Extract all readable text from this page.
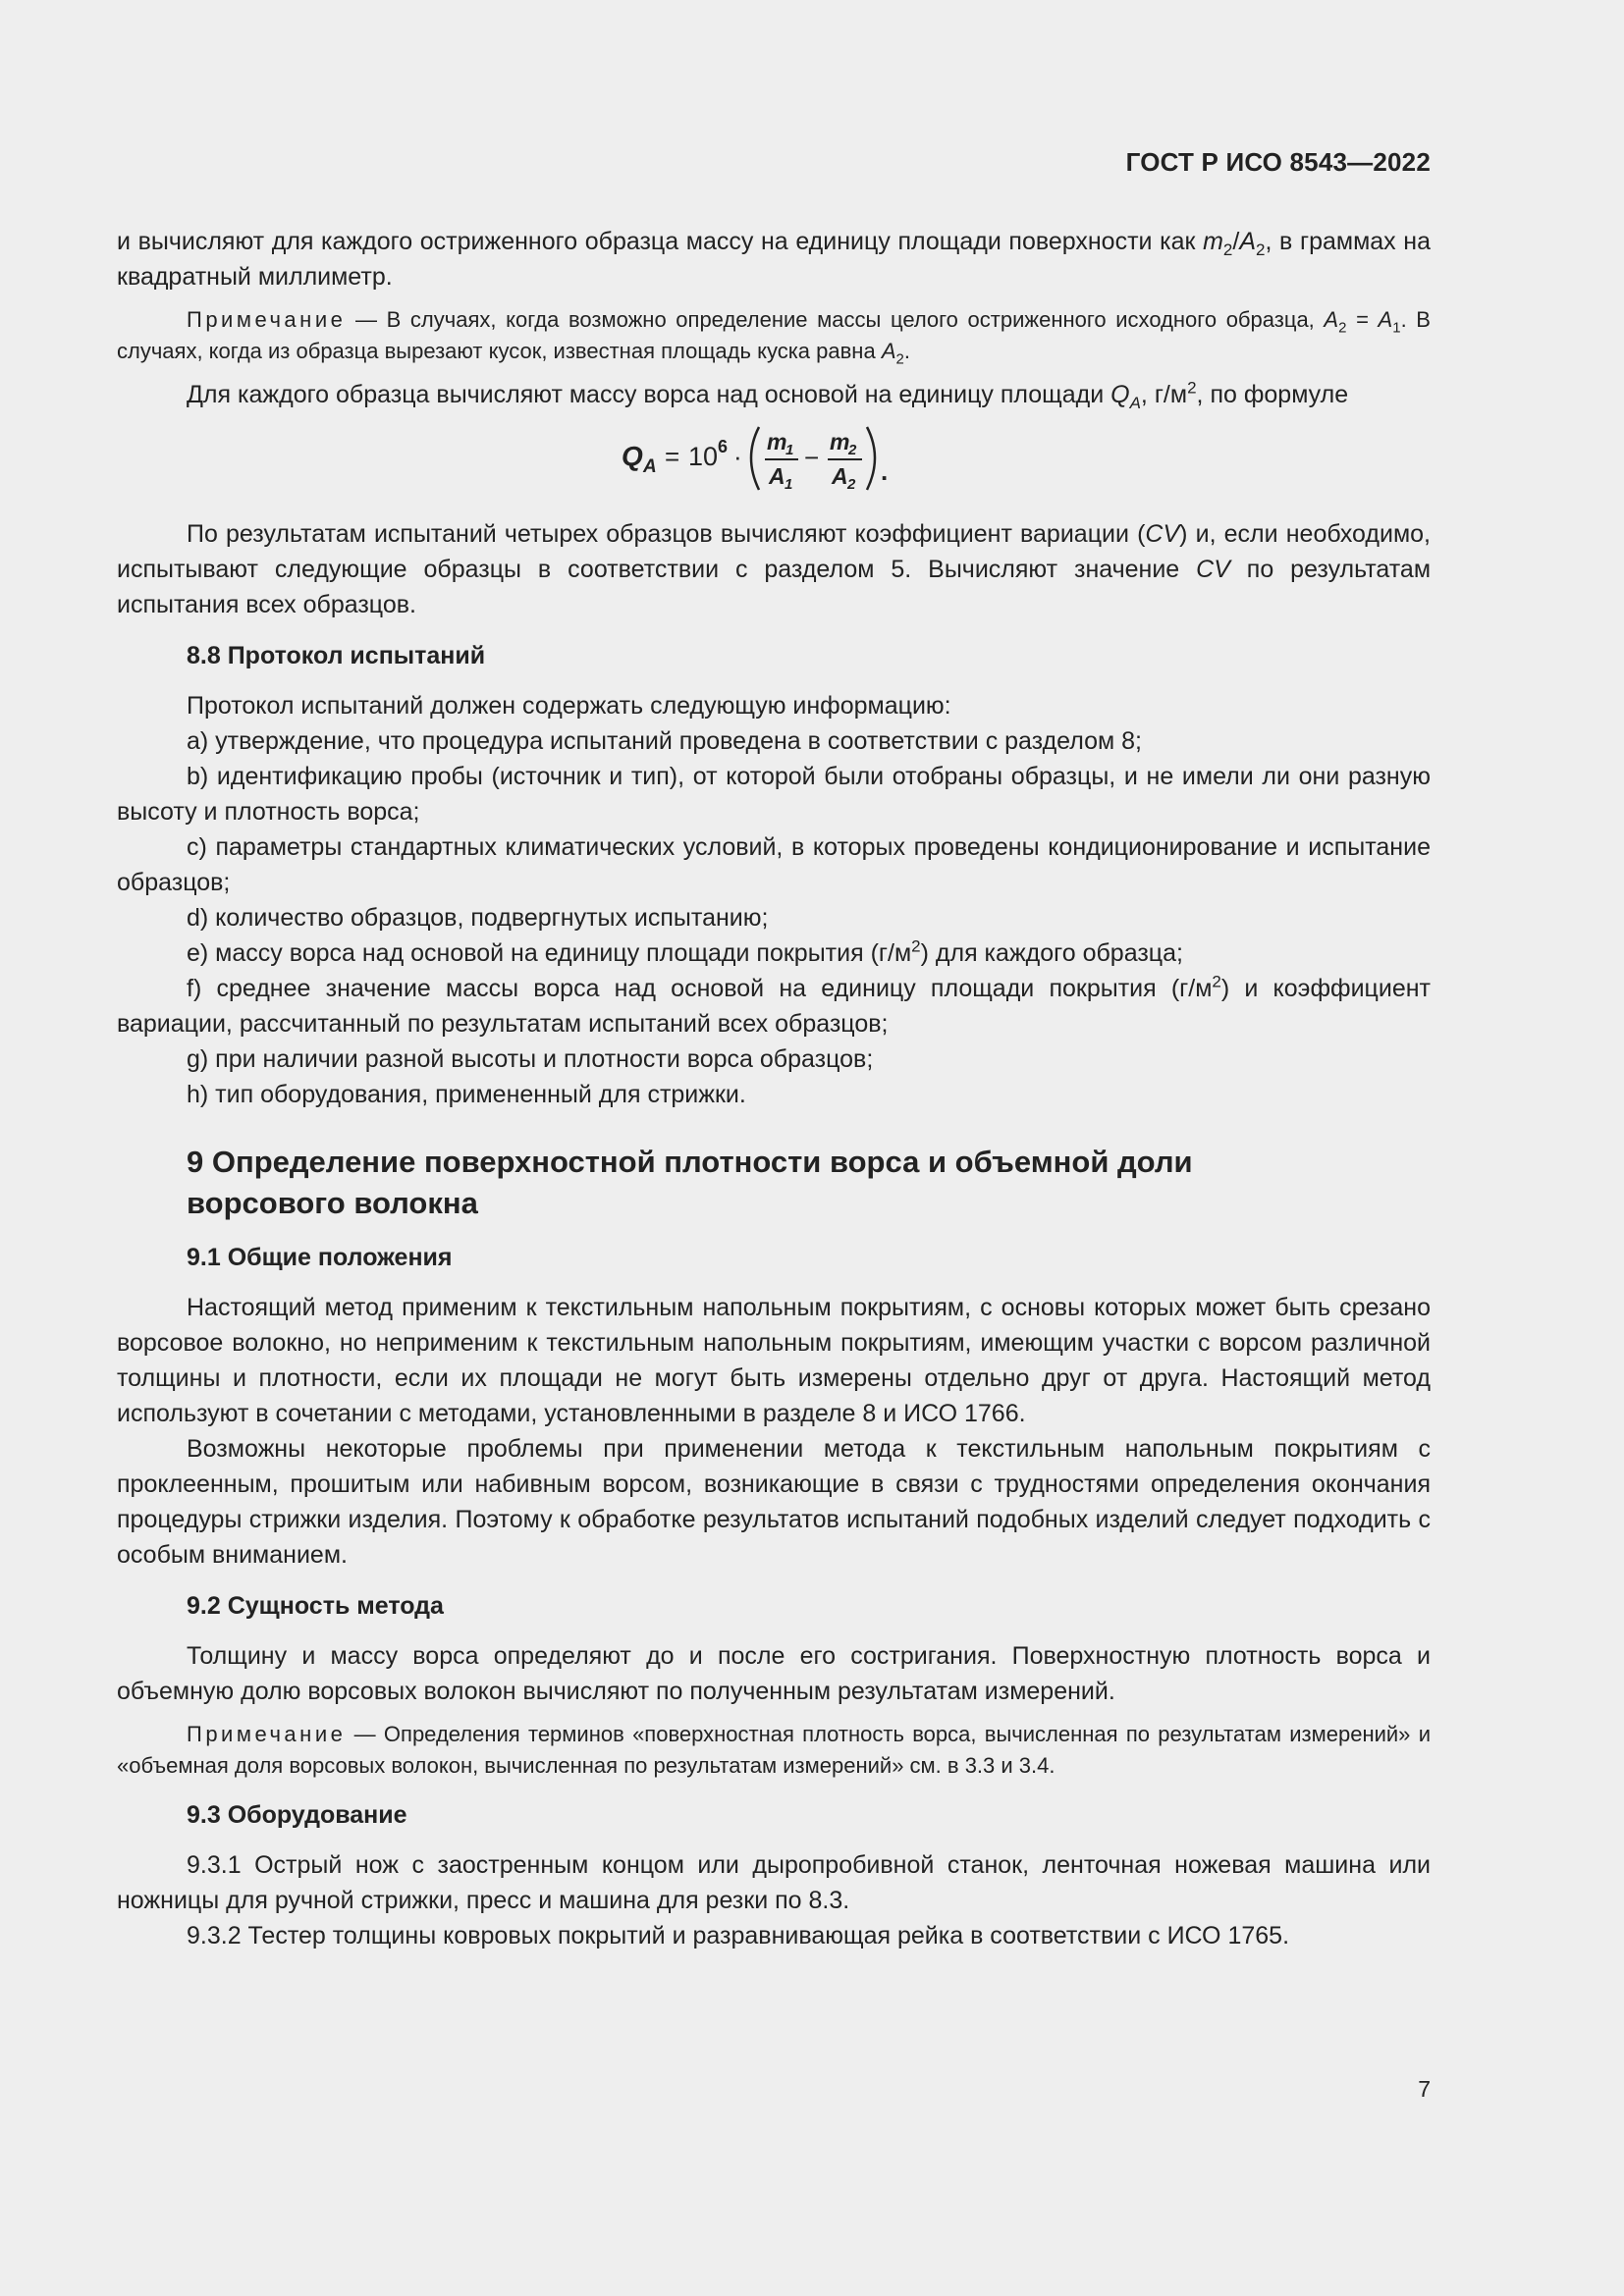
ГОСТ Р ИСО 8543—2022

и вычисляют для каждого остриженного образца массу на единицу площади поверхности как $m_2/A_2$, в граммах на квадратный миллиметр.

Примечание — В случаях, когда возможно определение массы целого остриженного исходного образца, $A_2 = A_1$. В случаях, когда из образца вырезают кусок, известная площадь куска равна $A_2$.

Для каждого образца вычисляют массу ворса над основой на единицу площади $Q_A$, $г/м^2$, по формуле

Q A = 10 6 · m
1
A 1
−
m
2
A 2 .

По результатам испытаний четырех образцов вычисляют коэффициент вариации (CV) и, если необходимо, испытывают следующие образцы в соответствии с разделом 5. Вычисляют значение CV по результатам испытания всех образцов.

8.8 Протокол испытаний

Протокол испытаний должен содержать следующую информацию:

a) утверждение, что процедура испытаний проведена в соответствии с разделом 8;

b) идентификацию пробы (источник и тип), от которой были отобраны образцы, и не имели ли они разную высоту и плотность ворса;

c) параметры стандартных климатических условий, в которых проведены кондиционирование и испытание образцов;

d) количество образцов, подвергнутых испытанию;

e) массу ворса над основой на единицу площади покрытия $(г/м^2)$ для каждого образца;

f) среднее значение массы ворса над основой на единицу площади покрытия $(г/м^2)$ и коэффициент вариации, рассчитанный по результатам испытаний всех образцов;

g) при наличии разной высоты и плотности ворса образцов;

h) тип оборудования, примененный для стрижки.

9 Определение поверхностной плотности ворса и объемной доли ворсового волокна
9.1 Общие положения

Настоящий метод применим к текстильным напольным покрытиям, с основы которых может быть срезано ворсовое волокно, но неприменим к текстильным напольным покрытиям, имеющим участки с ворсом различной толщины и плотности, если их площади не могут быть измерены отдельно друг от друга. Настоящий метод используют в сочетании с методами, установленными в разделе 8 и ИСО 1766.

Возможны некоторые проблемы при применении метода к текстильным напольным покрытиям с проклеенным, прошитым или набивным ворсом, возникающие в связи с трудностями определения окончания процедуры стрижки изделия. Поэтому к обработке результатов испытаний подобных изделий следует подходить с особым вниманием.

9.2 Сущность метода

Толщину и массу ворса определяют до и после его состригания. Поверхностную плотность ворса и объемную долю ворсовых волокон вычисляют по полученным результатам измерений.

Примечание — Определения терминов «поверхностная плотность ворса, вычисленная по результатам измерений» и «объемная доля ворсовых волокон, вычисленная по результатам измерений» см. в 3.3 и 3.4.

9.3 Оборудование

9.3.1 Острый нож с заостренным концом или дыропробивной станок, ленточная ножевая машина или ножницы для ручной стрижки, пресс и машина для резки по 8.3.

9.3.2 Тестер толщины ковровых покрытий и разравнивающая рейка в соответствии с ИСО 1765.

7
